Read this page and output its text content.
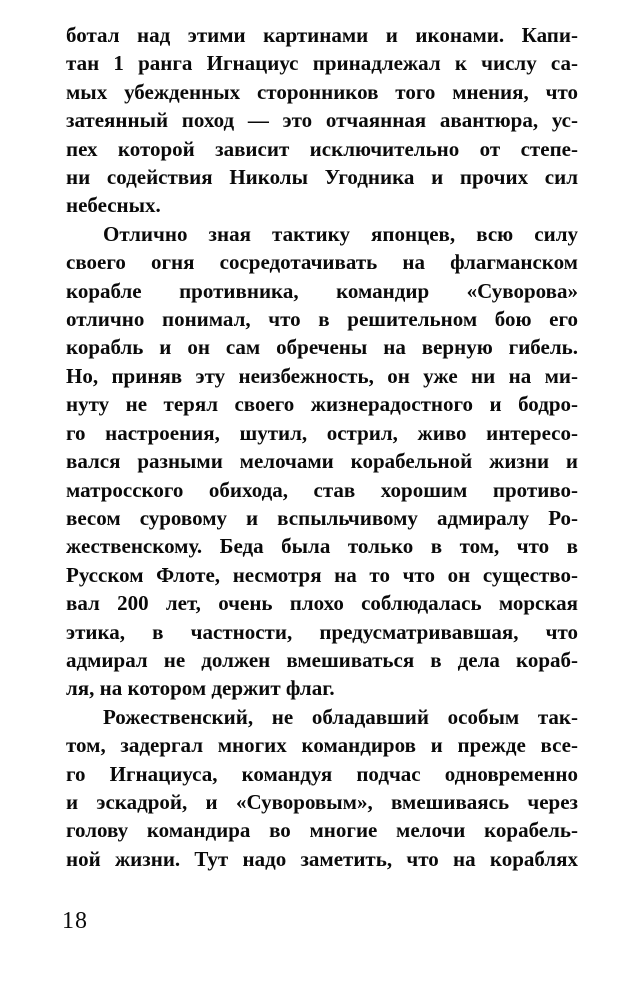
ботал над этими картинами и иконами. Капи-
тан 1 ранга Игнациус принадлежал к числу са-
мых убежденных сторонников того мнения, что
затеянный поход — это отчаянная авантюра, ус-
пех которой зависит исключительно от степе-
ни содействия Николы Угодника и прочих сил
небесных.
Отлично зная тактику японцев, всю силу
своего огня сосредотачивать на флагманском
корабле противника, командир «Суворова»
отлично понимал, что в решительном бою его
корабль и он сам обречены на верную гибель.
Но, приняв эту неизбежность, он уже ни на ми-
нуту не терял своего жизнерадостного и бодро-
го настроения, шутил, острил, живо интересо-
вался разными мелочами корабельной жизни и
матросского обихода, став хорошим противо-
весом суровому и вспыльчивому адмиралу Ро-
жественскому. Беда была только в том, что в
Русском Флоте, несмотря на то что он существо-
вал 200 лет, очень плохо соблюдалась морская
этика, в частности, предусматривавшая, что
адмирал не должен вмешиваться в дела кораб-
ля, на котором держит флаг.
Рожественский, не обладавший особым так-
том, задергал многих командиров и прежде все-
го Игнациуса, командуя подчас одновременно
и эскадрой, и «Суворовым», вмешиваясь через
голову командира во многие мелочи корабель-
ной жизни. Тут надо заметить, что на кораблях
18
